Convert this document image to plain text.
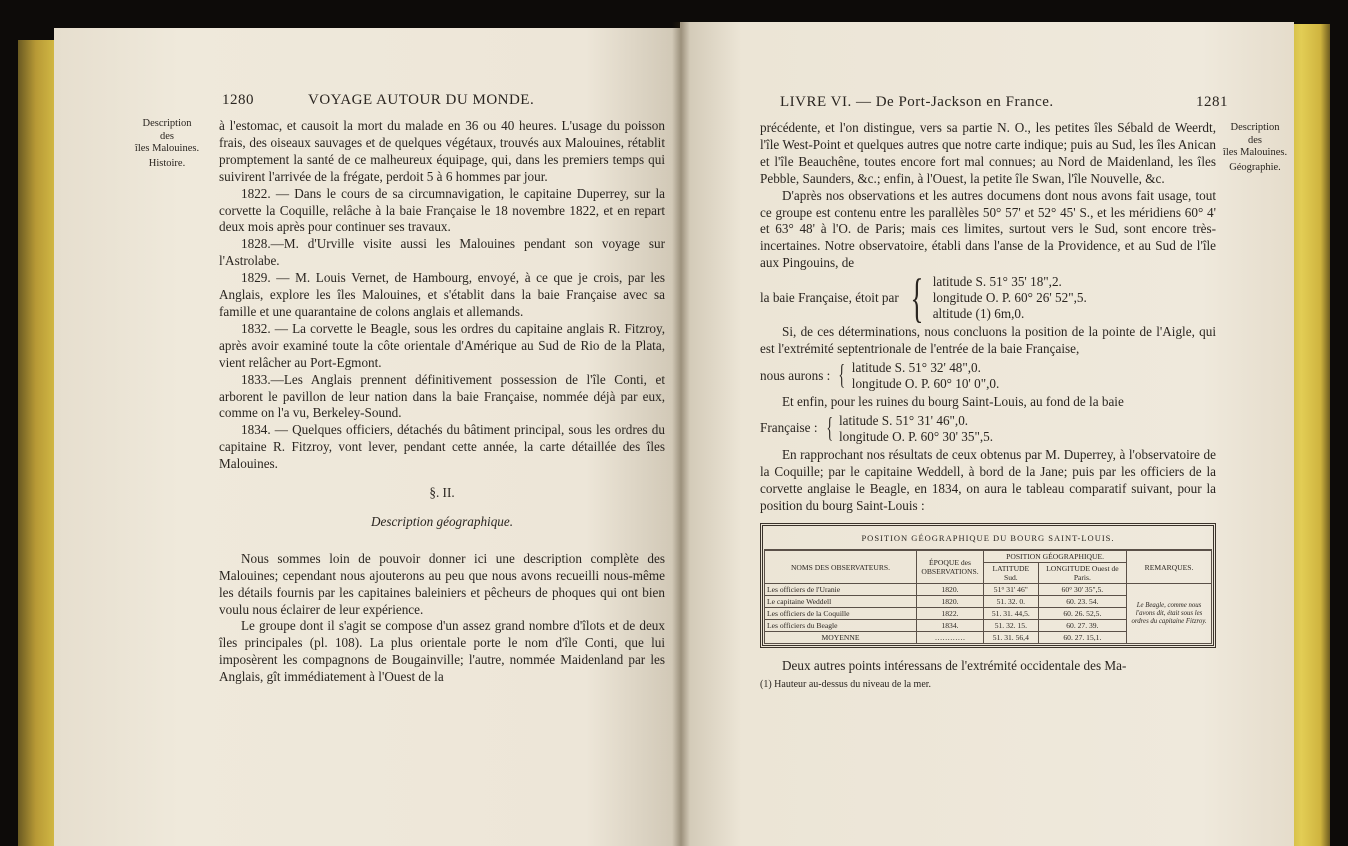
1280	VOYAGE AUTOUR DU MONDE.
Description
des
îles Malouines.
Histoire.

à l'estomac, et causoit la mort du malade en 36 ou 40 heures. L'usage du poisson frais, des oiseaux sauvages et de quelques végétaux, trouvés aux Malouines, rétablit promptement la santé de ce malheureux équipage, qui, dans les premiers temps qui suivirent l'arrivée de la frégate, perdoit 5 à 6 hommes par jour.

1822. — Dans le cours de sa circumnavigation, le capitaine Duperrey, sur la corvette la Coquille, relâche à la baie Française le 18 novembre 1822, et en repart deux mois après pour continuer ses travaux.

1828.—M. d'Urville visite aussi les Malouines pendant son voyage sur l'Astrolabe.

1829. — M. Louis Vernet, de Hambourg, envoyé, à ce que je crois, par les Anglais, explore les îles Malouines, et s'établit dans la baie Française avec sa famille et une quarantaine de colons anglais et allemands.

1832. — La corvette le Beagle, sous les ordres du capitaine anglais R. Fitzroy, après avoir examiné toute la côte orientale d'Amérique au Sud de Rio de la Plata, vient relâcher au Port-Egmont.

1833.—Les Anglais prennent définitivement possession de l'île Conti, et arborent le pavillon de leur nation dans la baie Française, nommée déjà par eux, comme on l'a vu, Berkeley-Sound.

1834. — Quelques officiers, détachés du bâtiment principal, sous les ordres du capitaine R. Fitzroy, vont lever, pendant cette année, la carte détaillée des îles Malouines.

§. II.

Description géographique.

Nous sommes loin de pouvoir donner ici une description complète des Malouines; cependant nous ajouterons au peu que nous avons recueilli nous-même les détails fournis par les capitaines baleiniers et pêcheurs de phoques qui ont bien voulu nous éclairer de leur expérience.

Le groupe dont il s'agit se compose d'un assez grand nombre d'îlots et de deux îles principales (pl. 108). La plus orientale porte le nom d'île Conti, que lui imposèrent les compagnons de Bougainville; l'autre, nommée Maidenland par les Anglais, gît immédiatement à l'Ouest de la

LIVRE VI. — De Port-Jackson en France.	1281
Description
des
îles Malouines.
Géographie.

précédente, et l'on distingue, vers sa partie N. O., les petites îles Sébald de Weerdt, l'île West-Point et quelques autres que notre carte indique; puis au Sud, les îles Anican et l'île Beauchêne, toutes encore fort mal connues; au Nord de Maidenland, les îles Pebble, Saunders, &c.; enfin, à l'Ouest, la petite île Swan, l'île Nouvelle, &c.

D'après nos observations et les autres documens dont nous avons fait usage, tout ce groupe est contenu entre les parallèles 50° 57' et 52° 45' S., et les méridiens 60° 4' et 63° 48' à l'O. de Paris; mais ces limites, surtout vers le Sud, sont encore très-incertaines. Notre observatoire, établi dans l'anse de la Providence, et au Sud de l'île aux Pingouins, de

la baie Française, étoit par { latitude S. 51° 35' 18",2.
longitude O. P. 60° 26' 52",5.
altitude (1) 6m,0.

Si, de ces déterminations, nous concluons la position de la pointe de l'Aigle, qui est l'extrémité septentrionale de l'entrée de la baie Française,

nous aurons : { latitude S. 51° 32' 48",0.
longitude O. P. 60° 10' 0",0.

Et enfin, pour les ruines du bourg Saint-Louis, au fond de la baie

Française : { latitude S. 51° 31' 46",0.
longitude O. P. 60° 30' 35",5.

En rapprochant nos résultats de ceux obtenus par M. Duperrey, à l'observatoire de la Coquille; par le capitaine Weddell, à bord de la Jane; puis par les officiers de la corvette anglaise le Beagle, en 1834, on aura le tableau comparatif suivant, pour la position du bourg Saint-Louis :

POSITION GÉOGRAPHIQUE DU BOURG SAINT-LOUIS.
NOMS DES OBSERVATEURS.	ÉPOQUE des OBSERVATIONS.	POSITION GÉOGRAPHIQUE.		REMARQUES.
		LATITUDE Sud.	LONGITUDE Ouest de Paris.	
Les officiers de l'Uranie	1820.	51° 31' 46"	60° 30' 35",5.	Le Beagle, comme nous l'avons dit, était sous les ordres du capitaine Fitzroy.
Le capitaine Weddell	1820.	51. 32. 0.	60. 23. 54.	
Les officiers de la Coquille	1822.	51. 31. 44,5.	60. 26. 52,5.	
Les officiers du Beagle	1834.	51. 32. 15.	60. 27. 39.	
MOYENNE	…………	51. 31. 56,4	60. 27. 15,1.	

Deux autres points intéressans de l'extrémité occidentale des Ma-

(1) Hauteur au-dessus du niveau de la mer.
